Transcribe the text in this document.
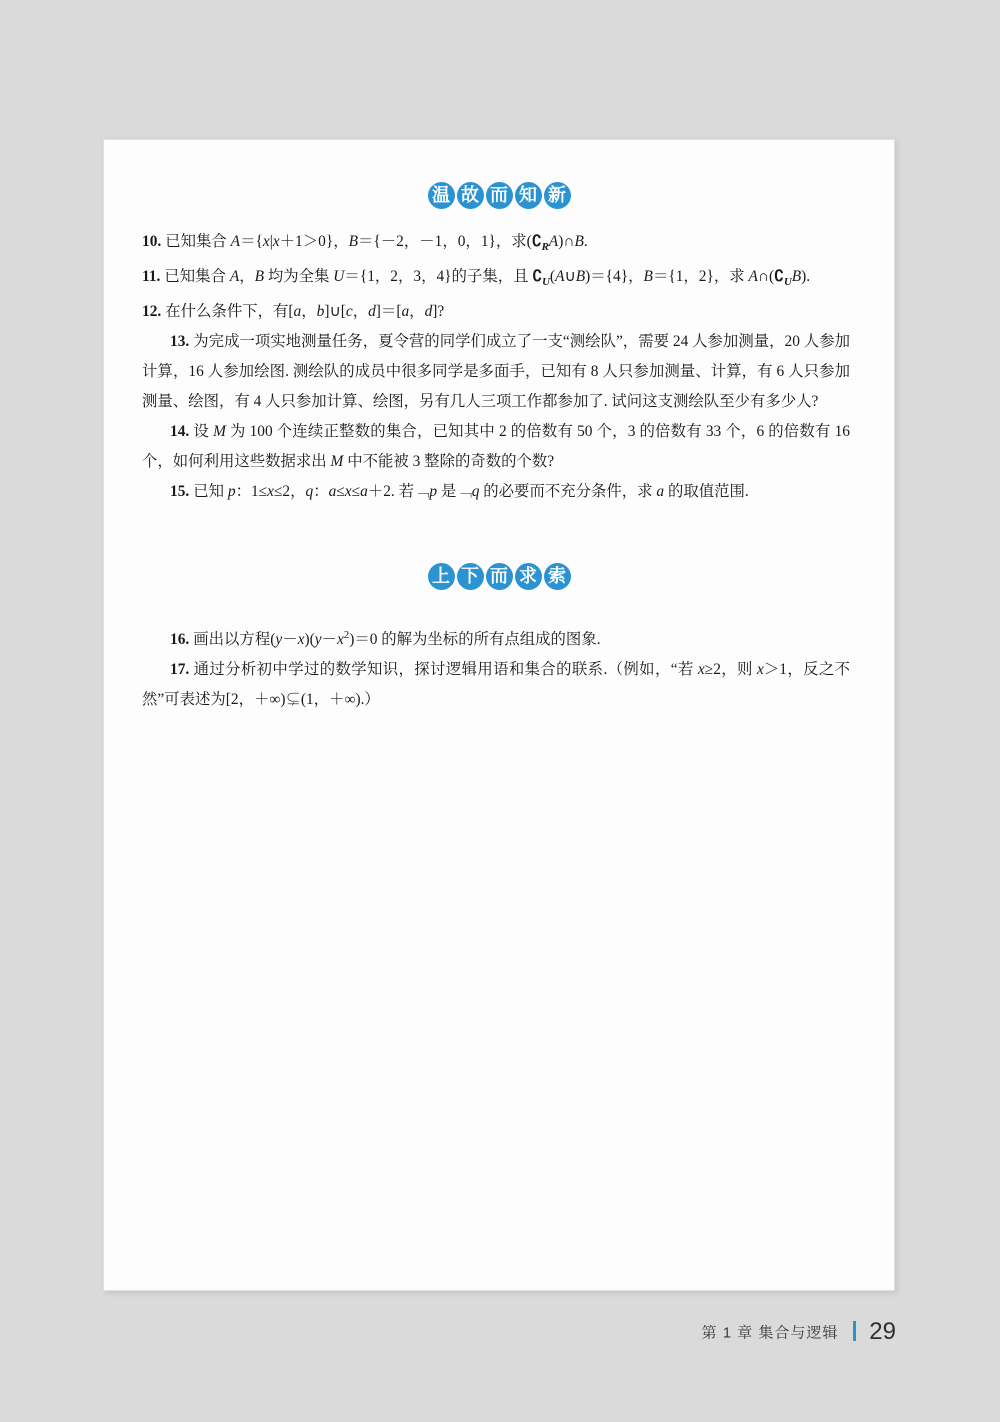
温 故 而 知 新

10. 已知集合 A＝{x|x＋1＞0}，B＝{－2，－1，0，1}，求$(∁_RA)\cap B$.

11. 已知集合 A，B 均为全集 U＝{1，2，3，4}的子集，且 $∁_U(A\cup B)=\{4\}$，B＝{1，2}，求 $A\cap(∁_UB)$.

12. 在什么条件下，有[a，b]∪[c，d]＝[a，d]?

13. 为完成一项实地测量任务，夏令营的同学们成立了一支“测绘队”，需要 24 人参加测量，20 人参加计算，16 人参加绘图. 测绘队的成员中很多同学是多面手，已知有 8 人只参加测量、计算，有 6 人只参加测量、绘图，有 4 人只参加计算、绘图，另有几人三项工作都参加了. 试问这支测绘队至少有多少人?

14. 设 M 为 100 个连续正整数的集合，已知其中 2 的倍数有 50 个，3 的倍数有 33 个，6 的倍数有 16 个，如何利用这些数据求出 M 中不能被 3 整除的奇数的个数?

15. 已知 p：1≤x≤2，q：a≤x≤a＋2. 若﹁p 是﹁q 的必要而不充分条件，求 a 的取值范围.

上 下 而 求 索

16. 画出以方程$(y-x)(y-x^2)=0$ 的解为坐标的所有点组成的图象.

17. 通过分析初中学过的数学知识，探讨逻辑用语和集合的联系.（例如，“若 x≥2，则 x＞1，反之不然”可表述为[2，＋∞)⊊(1，＋∞).）

第 1 章 集合与逻辑 29
